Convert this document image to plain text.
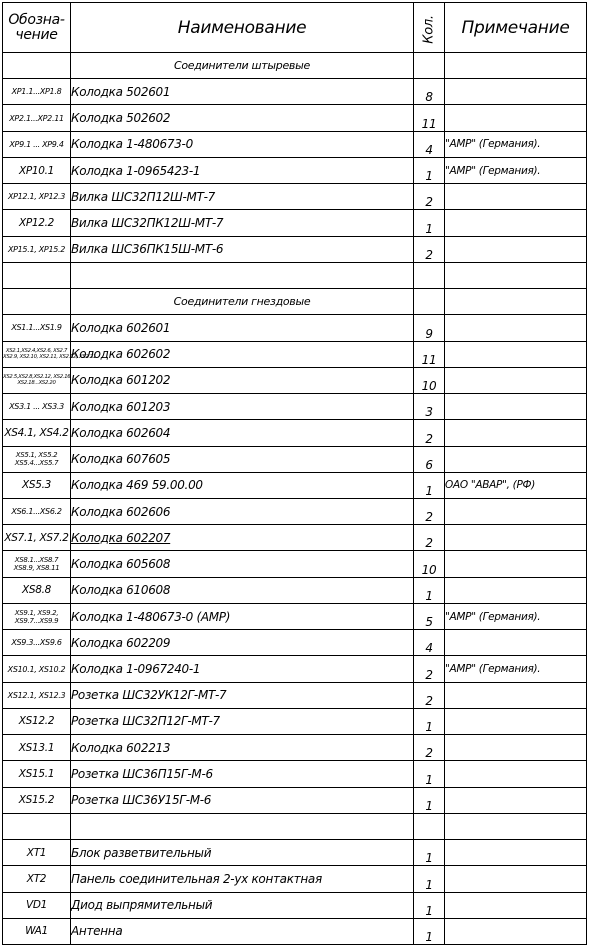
Обозна-
чение	Наименование	Кол.	Примечание
	Соединители штыревые		
XP1.1...XP1.8	Колодка 502601	8	
XP2.1...XP2.11	Колодка 502602	11	
XP9.1 ... XP9.4	Колодка 1-480673-0	4	"AMP" (Германия).
XP10.1	Колодка 1-0965423-1	1	"AMP" (Германия).
XP12.1, XP12.3	Вилка ШС32П12Ш-МТ-7	2	
XP12.2	Вилка ШС32ПК12Ш-МТ-7	1	
XP15.1, XP15.2	Вилка ШС36ПК15Ш-МТ-6	2	

	Соединители гнездовые		
XS1.1...XS1.9	Колодка 602601	9	
XS2.1,XS2.4,XS2.6, XS2.7
XS2.9, XS2.10, XS2.11, XS2.12, XS2.21	Колодка 602602	11	
XS2.5,XS2.8,XS2.12, XS2.16
XS2.18...XS2.20	Колодка 601202	10	
XS3.1 ... XS3.3	Колодка 601203	3	
XS4.1, XS4.2	Колодка 602604	2	
XS5.1, XS5.2
XS5.4...XS5.7	Колодка 607605	6	
XS5.3	Колодка 469 59.00.00	1	ОАО "АВАР", (РФ)
XS6.1...XS6.2	Колодка 602606	2	
XS7.1, XS7.2	Колодка 602207	2	
XS8.1...XS8.7
XS8.9, XS8.11	Колодка 605608	10	
XS8.8	Колодка 610608	1	
XS9.1, XS9.2,
XS9.7...XS9.9	Колодка 1-480673-0 (AMP)	5	"AMP" (Германия).
XS9.3...XS9.6	Колодка 602209	4	
XS10.1, XS10.2	Колодка 1-0967240-1	2	"AMP" (Германия).
XS12.1, XS12.3	Розетка ШС32УК12Г-МТ-7	2	
XS12.2	Розетка ШС32П12Г-МТ-7	1	
XS13.1	Колодка 602213	2	
XS15.1	Розетка ШС36П15Г-М-6	1	
XS15.2	Розетка ШС36У15Г-М-6	1	

XT1	Блок разветвительный	1	
XT2	Панель соединительная 2-ух контактная	1	
VD1	Диод выпрямительный	1	
WA1	Антенна	1	
